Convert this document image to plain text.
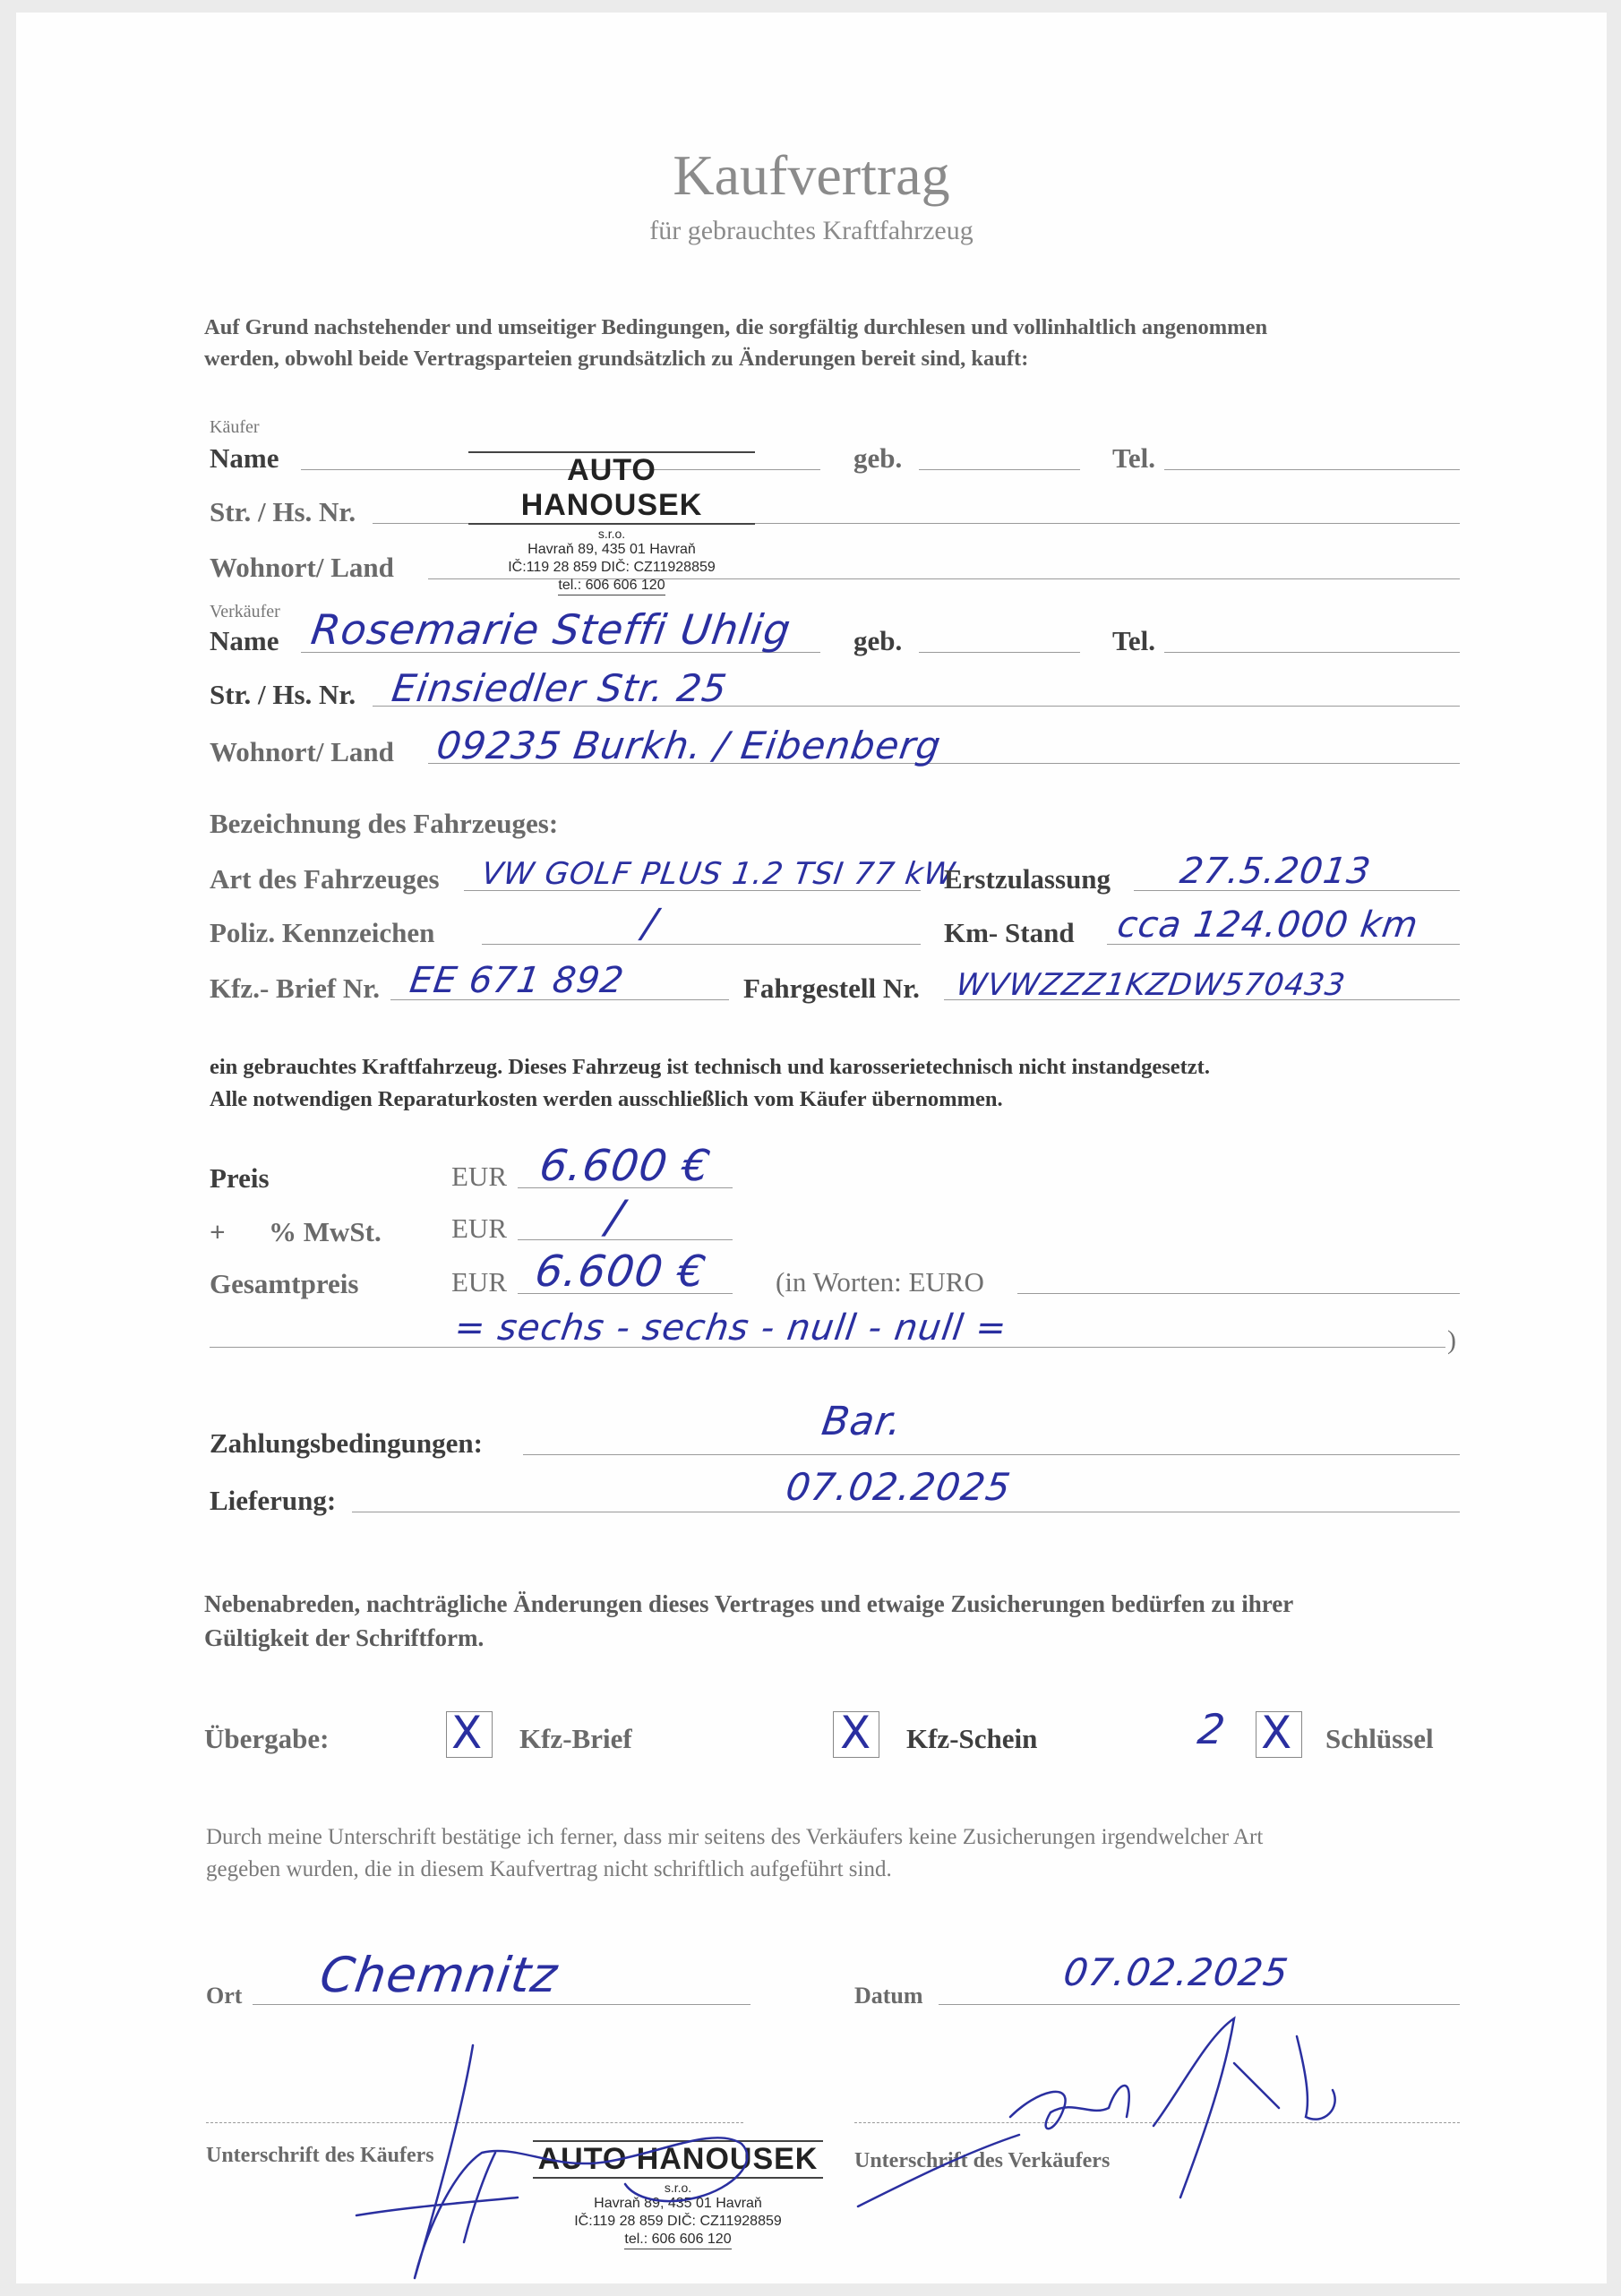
Kaufvertrag
für gebrauchtes Kraftfahrzeug
Auf Grund nachstehender und umseitiger Bedingungen, die sorgfältig durchlesen und vollinhaltlich angenommen
werden, obwohl beide Vertragsparteien grundsätzlich zu Änderungen bereit sind, kauft:
Käufer
Name	geb.	Tel.
Str. / Hs. Nr.
Wohnort/ Land
AUTO HANOUSEKs.r.o.
Havraň 89, 435 01 Havraň
IČ:119 28 859 DIČ: CZ11928859
tel.: 606 606 120
Verkäufer
Name Rosemarie Steffi Uhlig geb.	Tel.
Str. / Hs. Nr. Einsiedler Str. 25
Wohnort/ Land 09235 Burkh. / Eibenberg
Bezeichnung des Fahrzeuges:
Art des Fahrzeuges VW GOLF PLUS 1.2 TSI 77 kW
Erstzulassung 27.5.2013
Poliz. Kennzeichen	/	Km- Stand cca 124.000 km
Kfz.- Brief Nr. EE 671 892	Fahrgestell Nr. WVWZZZ1KZDW570433
ein gebrauchtes Kraftfahrzeug. Dieses Fahrzeug ist technisch und karosserietechnisch nicht instandgesetzt.
Alle notwendigen Reparaturkosten werden ausschließlich vom Käufer übernommen.
Preis	EUR 6.600 €
+ % MwSt.	EUR /
Gesamtpreis	EUR 6.600 € (in Worten: EURO
= sechs - sechs - null - null =	)
Zahlungsbedingungen:	Bar.
Lieferung:	07.02.2025
Nebenabreden, nachträgliche Änderungen dieses Vertrages und etwaige Zusicherungen bedürfen zu ihrer
Gültigkeit der Schriftform.
Übergabe:	X Kfz-Brief	X Kfz-Schein	2 X Schlüssel
Durch meine Unterschrift bestätige ich ferner, dass mir seitens des Verkäufers keine Zusicherungen irgendwelcher Art
gegeben wurden, die in diesem Kaufvertrag nicht schriftlich aufgeführt sind.
Ort Chemnitz	Datum
07.02.2025
Unterschrift des Käufers	Unterschrift des Verkäufers
AUTO HANOUSEKs.r.o.
Havraň 89, 435 01 Havraň
IČ:119 28 859 DIČ: CZ11928859
tel.: 606 606 120
